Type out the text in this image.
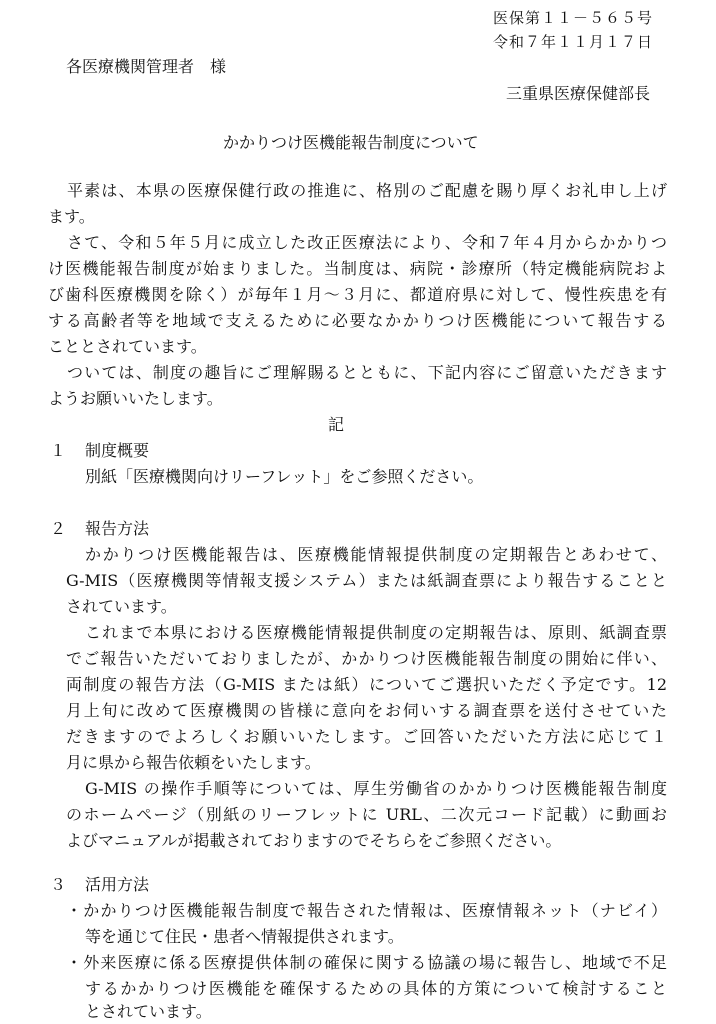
医保第１１－５６５号
令和７年１１月１７日
各医療機関管理者　様
三重県医療保健部長
かかりつけ医機能報告制度について
平素は、本県の医療保健行政の推進に、格別のご配慮を賜り厚くお礼申し上げ
ます。
さて、令和５年５月に成立した改正医療法により、令和７年４月からかかりつ
け医機能報告制度が始まりました。当制度は、病院・診療所（特定機能病院およ
び歯科医療機関を除く）が毎年１月～３月に、都道府県に対して、慢性疾患を有
する高齢者等を地域で支えるために必要なかかりつけ医機能について報告する
こととされています。
ついては、制度の趣旨にご理解賜るとともに、下記内容にご留意いただきます
ようお願いいたします。
記
１ 制度概要
別紙「医療機関向けリーフレット」をご参照ください。
２ 報告方法
かかりつけ医機能報告は、医療機能情報提供制度の定期報告とあわせて、
G-MIS（医療機関等情報支援システム）または紙調査票により報告することと
されています。
これまで本県における医療機能情報提供制度の定期報告は、原則、紙調査票
でご報告いただいておりましたが、かかりつけ医機能報告制度の開始に伴い、
両制度の報告方法（G-MIS または紙）についてご選択いただく予定です。12
月上旬に改めて医療機関の皆様に意向をお伺いする調査票を送付させていた
だきますのでよろしくお願いいたします。ご回答いただいた方法に応じて１
月に県から報告依頼をいたします。
G-MIS の操作手順等については、厚生労働省のかかりつけ医機能報告制度
のホームページ（別紙のリーフレットに URL、二次元コード記載）に動画お
よびマニュアルが掲載されておりますのでそちらをご参照ください。
３ 活用方法
・かかりつけ医機能報告制度で報告された情報は、医療情報ネット（ナビイ）
等を通じて住民・患者へ情報提供されます。
・外来医療に係る医療提供体制の確保に関する協議の場に報告し、地域で不足
するかかりつけ医機能を確保するための具体的方策について検討すること
とされています。
